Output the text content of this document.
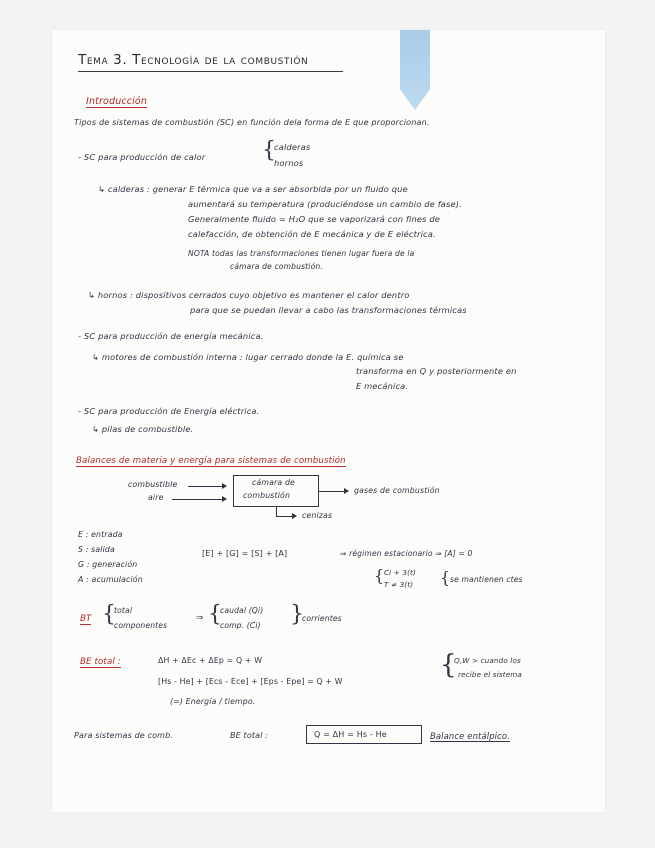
Tema 3. Tecnología de la combustión
Introducción
Tipos de sistemas de combustión (SC) en función dela forma de E que proporcionan.
- SC para producción de calor	{
calderas
hornos
↳ calderas : generar E térmica que va a ser absorbida por un fluido que
aumentará su temperatura (produciéndose un cambio de fase).
Generalmente fluido = H₂O que se vaporizará con fines de
calefacción, de obtención de E mecánica y de E eléctrica.
NOTA todas las transformaciones tienen lugar fuera de la
cámara de combustión.
↳ hornos : dispositivos cerrados cuyo objetivo es mantener el calor dentro
para que se puedan llevar a cabo las transformaciones térmicas
- SC para producción de energía mecánica.
↳ motores de combustión interna : lugar cerrado donde la E. química se
transforma en Q y posteriormente en
E mecánica.
- SC para producción de Energía eléctrica.
↳ pilas de combustible.
Balances de materia y energía para sistemas de combustión
combustible
aire
cámara de
combustión
gases de combustión
cenizas
E : entrada
S : salida
G : generación
A : acumulación
[E] + [G] = [S] + [A]	⇒ régimen estacionario ⇒ [A] = 0
{ Ci + 3(t)
T ≠ 3(t) { se mantienen ctes
BT {
total
componentes
⇒ {
caudal (Qi)
comp. (Ci) }
corrientes
BE total :	ΔH + ΔEc + ΔEp = Q + W
[Hs - He] + [Ecs - Ece] + [Eps - Epe] = Q + W
(=) Energía / tiempo.
{
Q,W > cuando los
recibe el sistema
Para sistemas de comb.	BE total :	Q = ΔH = Hs - He	Balance entálpico.
